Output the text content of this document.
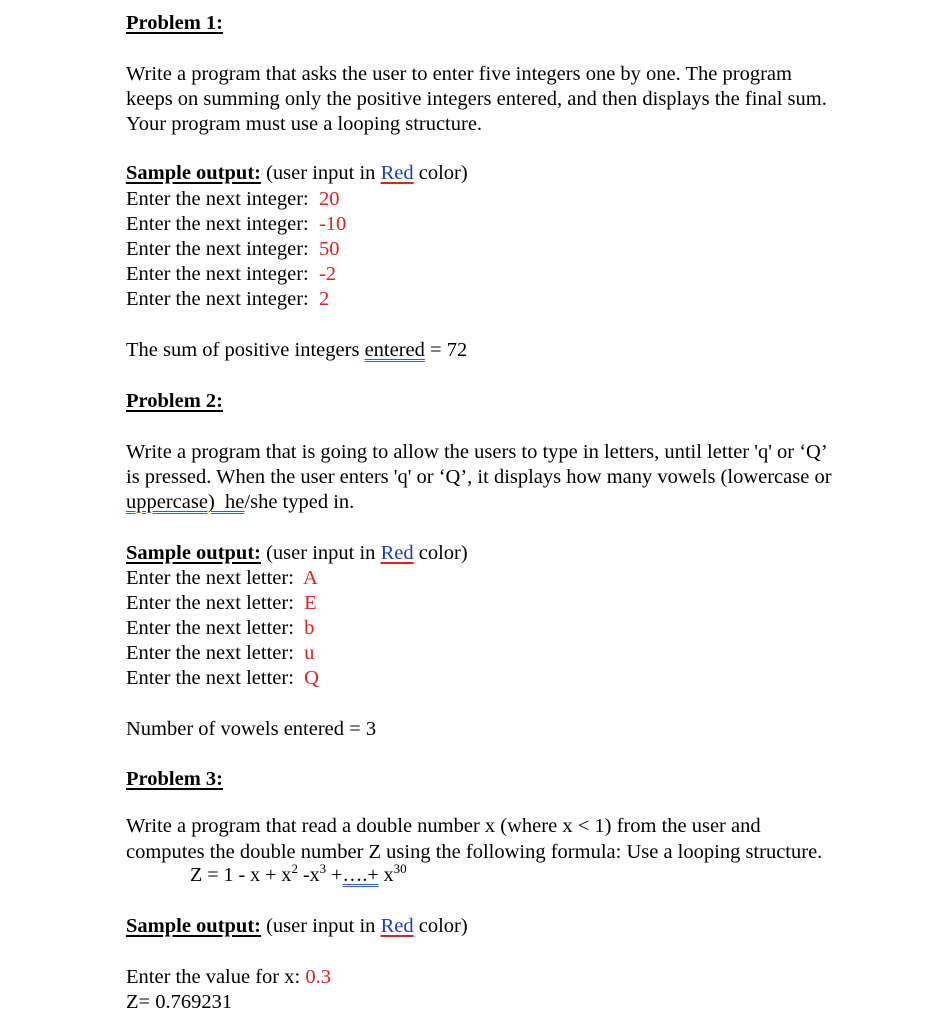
Problem 1:
Write a program that asks the user to enter five integers one by one. The program
keeps on summing only the positive integers entered, and then displays the final sum.
Your program must use a looping structure.
Sample output: (user input in Red color)
Enter the next integer:  20
Enter the next integer:  -10
Enter the next integer:  50
Enter the next integer:  -2
Enter the next integer:  2
The sum of positive integers entered = 72
Problem 2:
Write a program that is going to allow the users to type in letters, until letter 'q' or ‘Q’
is pressed. When the user enters 'q' or ‘Q’, it displays how many vowels (lowercase or
uppercase)  he/she typed in.
Sample output: (user input in Red color)
Enter the next letter:  A
Enter the next letter:  E
Enter the next letter:  b
Enter the next letter:  u
Enter the next letter:  Q
Number of vowels entered = 3
Problem 3:
Write a program that read a double number x (where x < 1) from the user and
computes the double number Z using the following formula: Use a looping structure.
$Z = 1 - x + x^2$ $-x^3$ +….+ $x^{30}$
Sample output: (user input in Red color)
Enter the value for x: 0.3
Z= 0.769231
